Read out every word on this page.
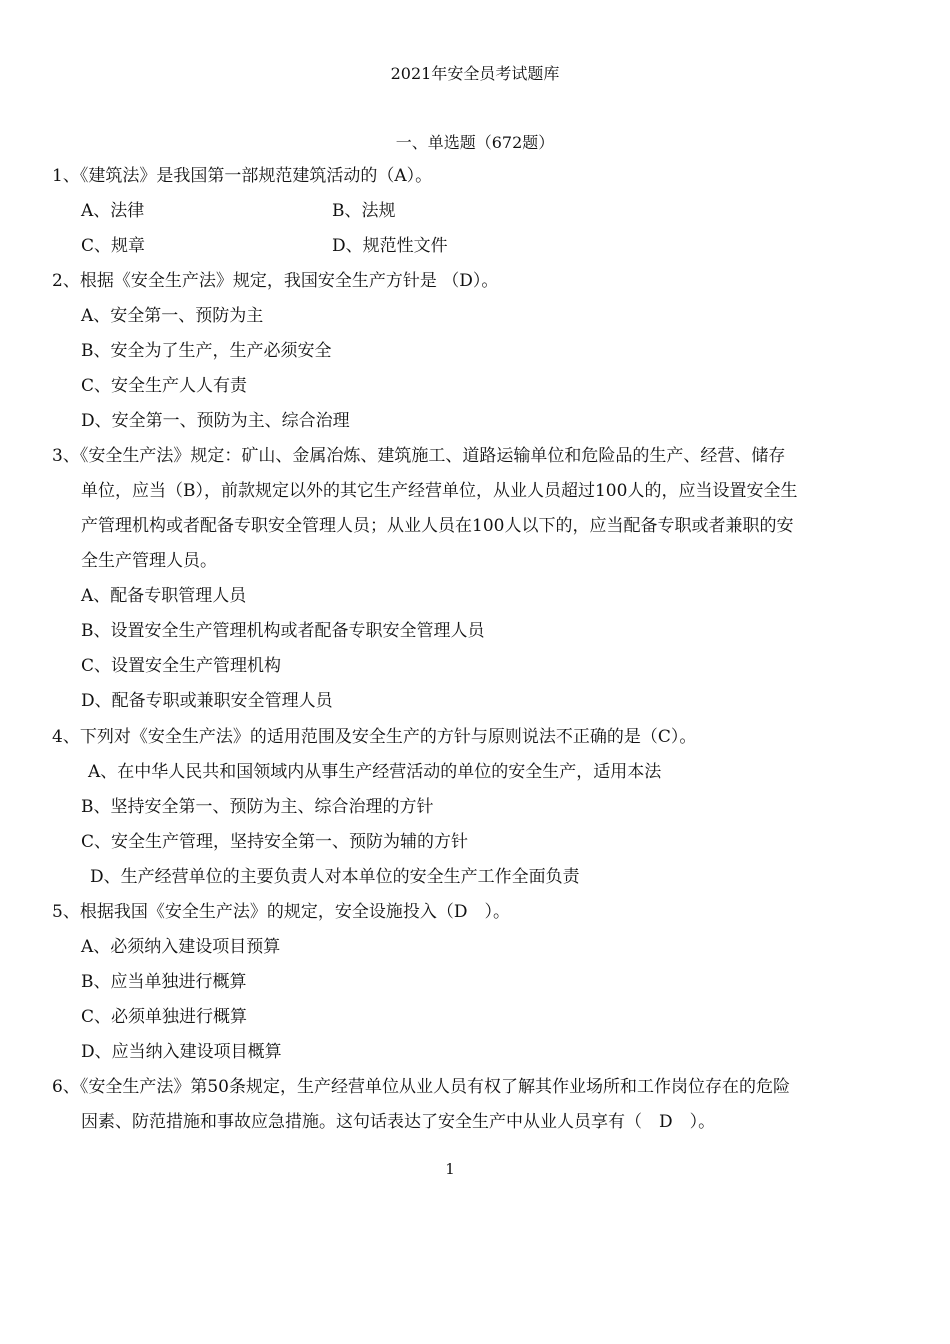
2021年安全员考试题库
一、单选题（672题）
1、《建筑法》是我国第一部规范建筑活动的（A）。
A、法律	B、法规
C、规章	D、规范性文件
2、根据《安全生产法》规定，我国安全生产方针是 （D）。
A、安全第一、预防为主
B、安全为了生产，生产必须安全
C、安全生产人人有责
D、安全第一、预防为主、综合治理
3、《安全生产法》规定：矿山、金属冶炼、建筑施工、道路运输单位和危险品的生产、经营、储存
单位，应当（B），前款规定以外的其它生产经营单位，从业人员超过100人的，应当设置安全生
产管理机构或者配备专职安全管理人员；从业人员在100人以下的，应当配备专职或者兼职的安
全生产管理人员。
A、配备专职管理人员
B、设置安全生产管理机构或者配备专职安全管理人员
C、设置安全生产管理机构
D、配备专职或兼职安全管理人员
4、下列对《安全生产法》的适用范围及安全生产的方针与原则说法不正确的是（C）。
A、在中华人民共和国领域内从事生产经营活动的单位的安全生产，适用本法
B、坚持安全第一、预防为主、综合治理的方针
C、安全生产管理，坚持安全第一、预防为辅的方针
D、生产经营单位的主要负责人对本单位的安全生产工作全面负责
5、根据我国《安全生产法》的规定，安全设施投入（D　）。
A、必须纳入建设项目预算
B、应当单独进行概算
C、必须单独进行概算
D、应当纳入建设项目概算
6、《安全生产法》第50条规定，生产经营单位从业人员有权了解其作业场所和工作岗位存在的危险
因素、防范措施和事故应急措施。这句话表达了安全生产中从业人员享有（　D　）。
1
